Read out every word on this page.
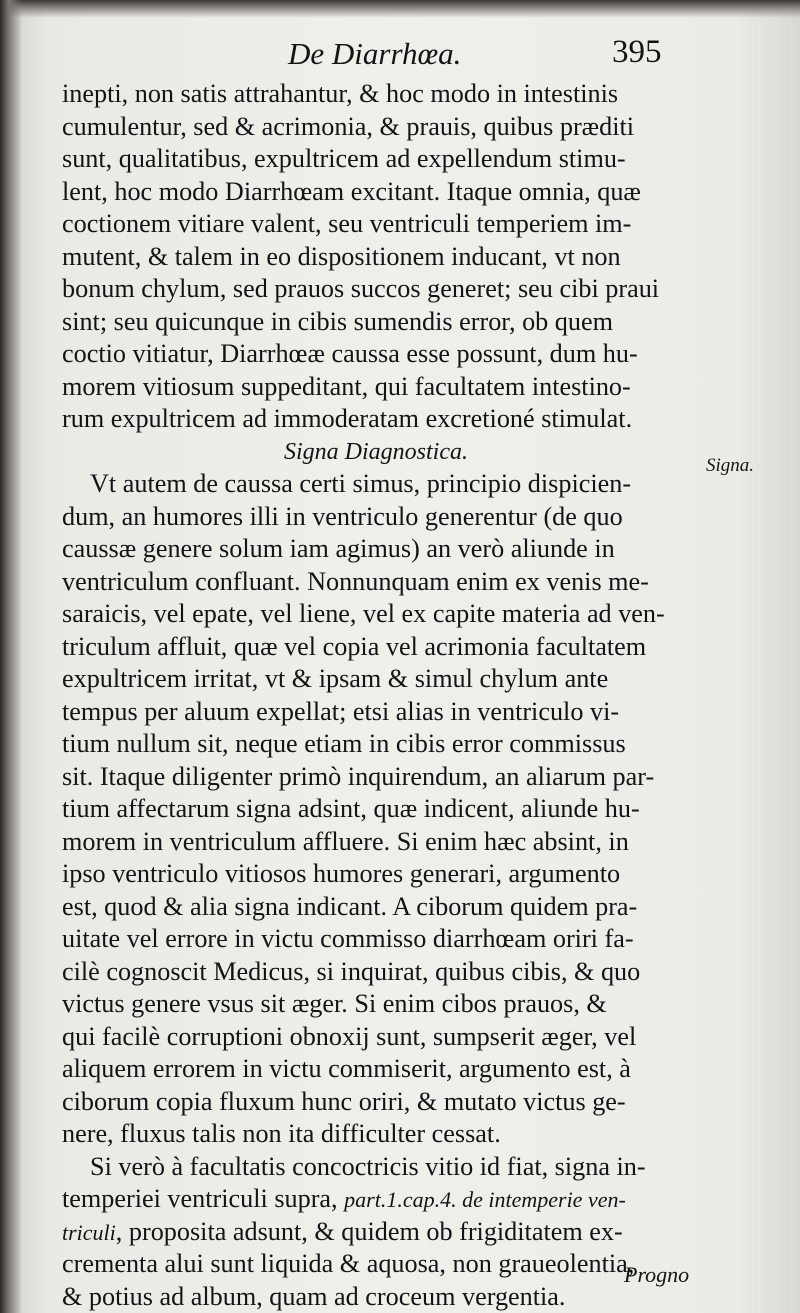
De Diarrhœa.	395
inepti, non satis attrahantur, & hoc modo in intestinis
cumulentur, sed & acrimonia, & prauis, quibus præditi
sunt, qualitatibus, expultricem ad expellendum stimu-
lent, hoc modo Diarrhœam excitant. Itaque omnia, quæ
coctionem vitiare valent, seu ventriculi temperiem im-
mutent, & talem in eo dispositionem inducant, vt non
bonum chylum, sed prauos succos generet; seu cibi praui
sint; seu quicunque in cibis sumendis error, ob quem
coctio vitiatur, Diarrhœæ caussa esse possunt, dum hu-
morem vitiosum suppeditant, qui facultatem intestino-
rum expultricem ad immoderatam excretioné stimulat.
Signa Diagnostica.
Vt autem de caussa certi simus, principio dispicien-
dum, an humores illi in ventriculo generentur (de quo
caussæ genere solum iam agimus) an verò aliunde in
ventriculum confluant. Nonnunquam enim ex venis me-
saraicis, vel epate, vel liene, vel ex capite materia ad ven-
triculum affluit, quæ vel copia vel acrimonia facultatem
expultricem irritat, vt & ipsam & simul chylum ante
tempus per aluum expellat; etsi alias in ventriculo vi-
tium nullum sit, neque etiam in cibis error commissus
sit. Itaque diligenter primò inquirendum, an aliarum par-
tium affectarum signa adsint, quæ indicent, aliunde hu-
morem in ventriculum affluere. Si enim hæc absint, in
ipso ventriculo vitiosos humores generari, argumento
est, quod & alia signa indicant. A ciborum quidem pra-
uitate vel errore in victu commisso diarrhœam oriri fa-
cilè cognoscit Medicus, si inquirat, quibus cibis, & quo
victus genere vsus sit æger. Si enim cibos prauos, &
qui facilè corruptioni obnoxij sunt, sumpserit æger, vel
aliquem errorem in victu commiserit, argumento est, à
ciborum copia fluxum hunc oriri, & mutato victus ge-
nere, fluxus talis non ita difficulter cessat.
Si verò à facultatis concoctricis vitio id fiat, signa in-
temperiei ventriculi supra, part.1.cap.4. de intemperie ven-
triculi, proposita adsunt, & quidem ob frigiditatem ex-
crementa alui sunt liquida & aquosa, non graueolentia,
& potius ad album, quam ad croceum vergentia.
Signa.
Progno
